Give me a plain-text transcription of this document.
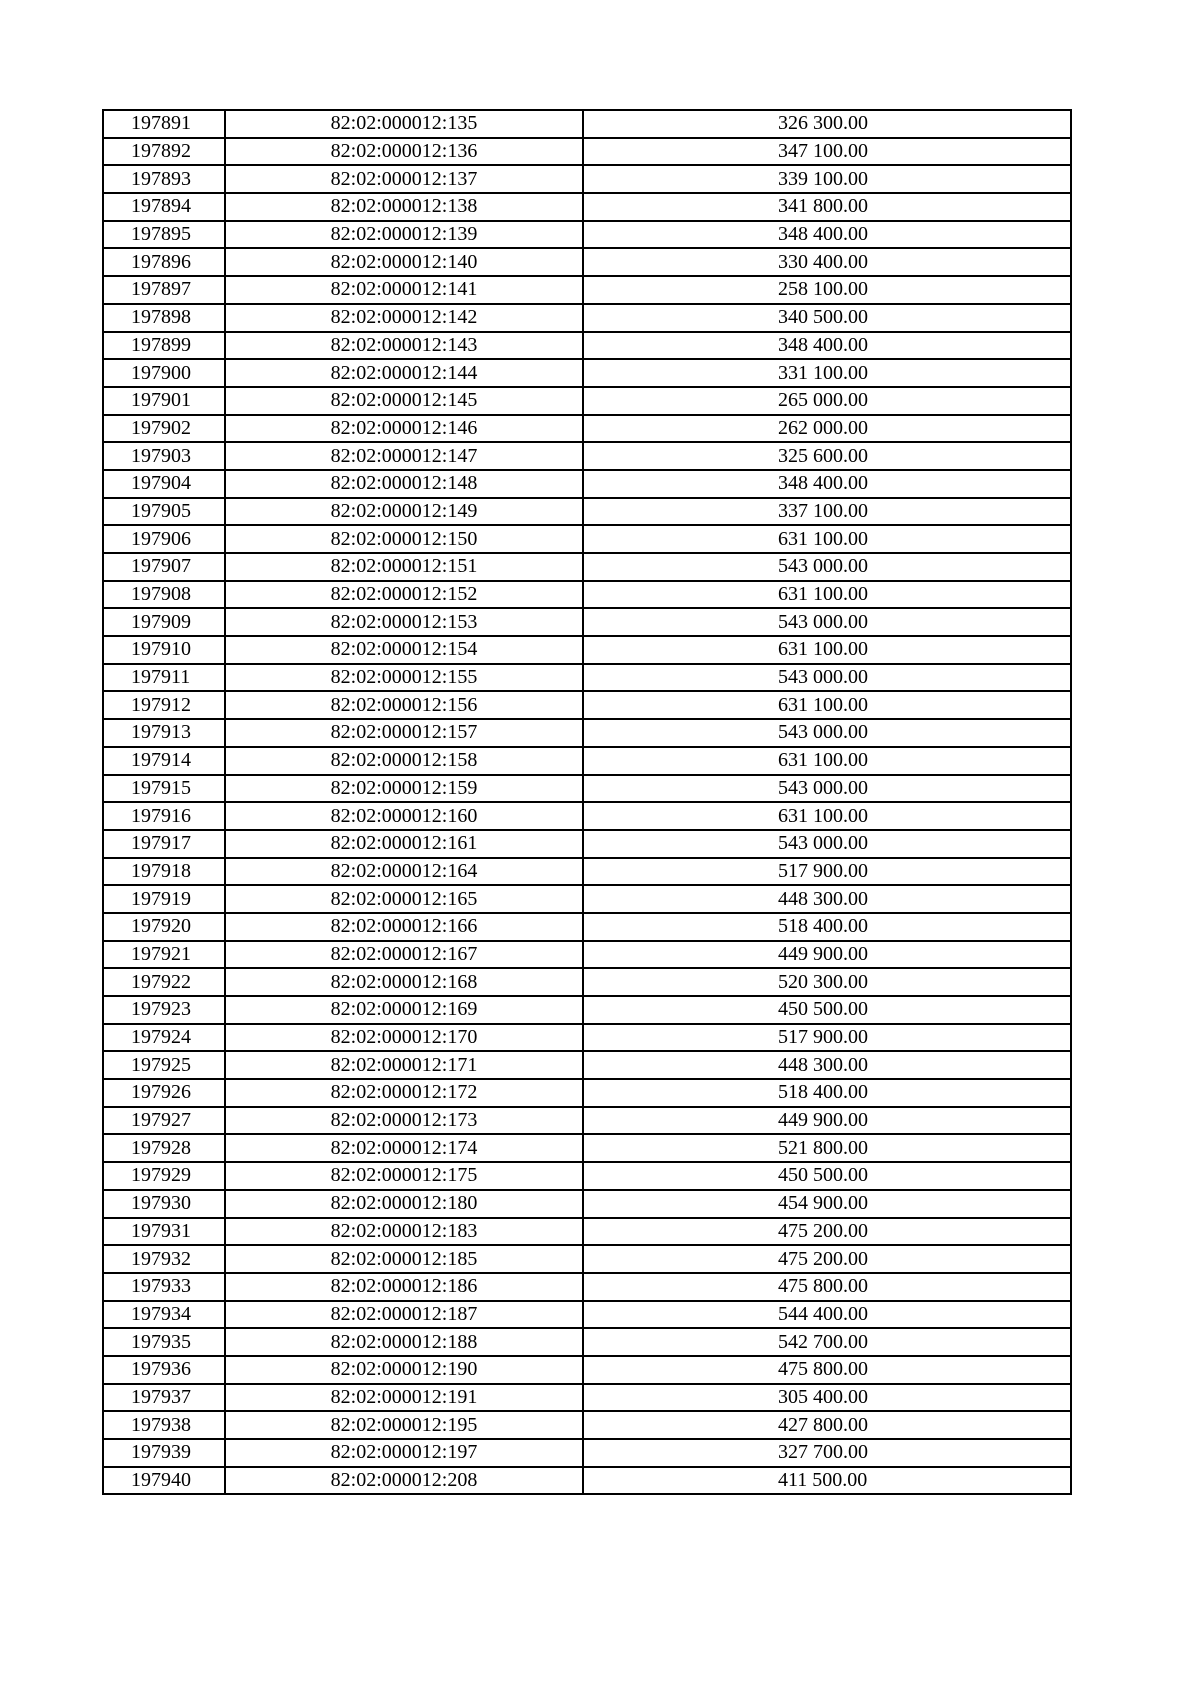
197891	82:02:000012:135	326 300.00
197892	82:02:000012:136	347 100.00
197893	82:02:000012:137	339 100.00
197894	82:02:000012:138	341 800.00
197895	82:02:000012:139	348 400.00
197896	82:02:000012:140	330 400.00
197897	82:02:000012:141	258 100.00
197898	82:02:000012:142	340 500.00
197899	82:02:000012:143	348 400.00
197900	82:02:000012:144	331 100.00
197901	82:02:000012:145	265 000.00
197902	82:02:000012:146	262 000.00
197903	82:02:000012:147	325 600.00
197904	82:02:000012:148	348 400.00
197905	82:02:000012:149	337 100.00
197906	82:02:000012:150	631 100.00
197907	82:02:000012:151	543 000.00
197908	82:02:000012:152	631 100.00
197909	82:02:000012:153	543 000.00
197910	82:02:000012:154	631 100.00
197911	82:02:000012:155	543 000.00
197912	82:02:000012:156	631 100.00
197913	82:02:000012:157	543 000.00
197914	82:02:000012:158	631 100.00
197915	82:02:000012:159	543 000.00
197916	82:02:000012:160	631 100.00
197917	82:02:000012:161	543 000.00
197918	82:02:000012:164	517 900.00
197919	82:02:000012:165	448 300.00
197920	82:02:000012:166	518 400.00
197921	82:02:000012:167	449 900.00
197922	82:02:000012:168	520 300.00
197923	82:02:000012:169	450 500.00
197924	82:02:000012:170	517 900.00
197925	82:02:000012:171	448 300.00
197926	82:02:000012:172	518 400.00
197927	82:02:000012:173	449 900.00
197928	82:02:000012:174	521 800.00
197929	82:02:000012:175	450 500.00
197930	82:02:000012:180	454 900.00
197931	82:02:000012:183	475 200.00
197932	82:02:000012:185	475 200.00
197933	82:02:000012:186	475 800.00
197934	82:02:000012:187	544 400.00
197935	82:02:000012:188	542 700.00
197936	82:02:000012:190	475 800.00
197937	82:02:000012:191	305 400.00
197938	82:02:000012:195	427 800.00
197939	82:02:000012:197	327 700.00
197940	82:02:000012:208	411 500.00
